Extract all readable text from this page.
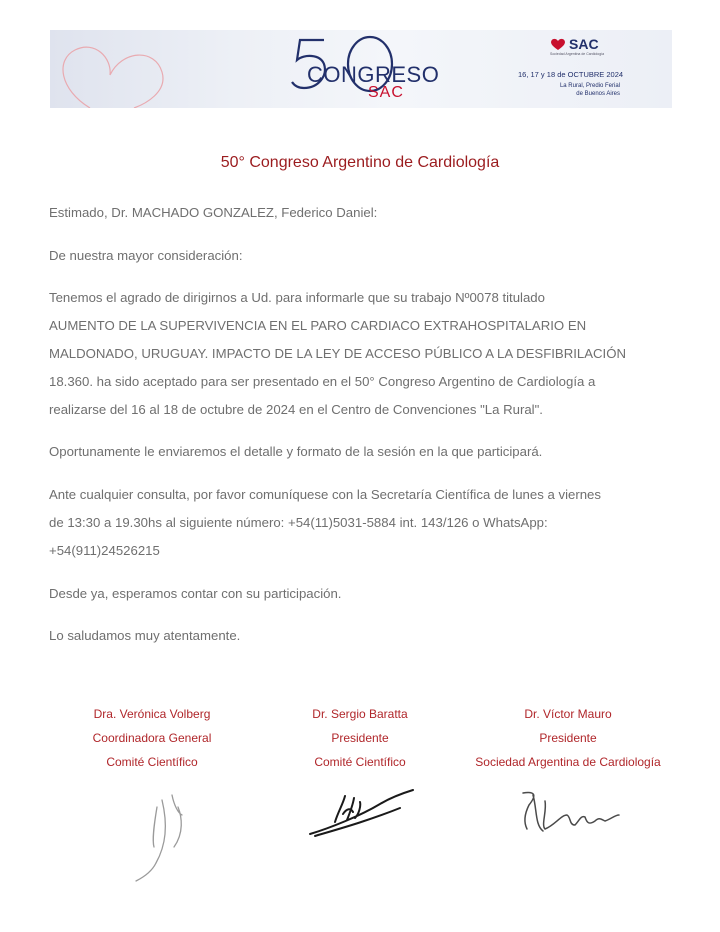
CONGRESO
SAC
SAC
Sociedad Argentina de Cardiología
16, 17 y 18 de OCTUBRE 2024
La Rural, Predio Ferial
de Buenos Aires
50° Congreso Argentino de Cardiología

Estimado, Dr. MACHADO GONZALEZ, Federico Daniel:

De nuestra mayor consideración:

Tenemos el agrado de dirigirnos a Ud. para informarle que su trabajo Nº0078 titulado
AUMENTO DE LA SUPERVIVENCIA EN EL PARO CARDIACO EXTRAHOSPITALARIO EN
MALDONADO, URUGUAY. IMPACTO DE LA LEY DE ACCESO PÚBLICO A LA DESFIBRILACIÓN
18.360. ha sido aceptado para ser presentado en el 50° Congreso Argentino de Cardiología a
realizarse del 16 al 18 de octubre de 2024 en el Centro de Convenciones "La Rural".

Oportunamente le enviaremos el detalle y formato de la sesión en la que participará.

Ante cualquier consulta, por favor comuníquese con la Secretaría Científica de lunes a viernes
de 13:30 a 19.30hs al siguiente número: +54(11)5031-5884 int. 143/126 o WhatsApp:
+54(911)24526215

Desde ya, esperamos contar con su participación.

Lo saludamos muy atentamente.

Dra. Verónica Volberg
Coordinadora General
Comité Científico
Dr. Sergio Baratta
Presidente
Comité Científico
Dr. Víctor Mauro
Presidente
Sociedad Argentina de Cardiología
